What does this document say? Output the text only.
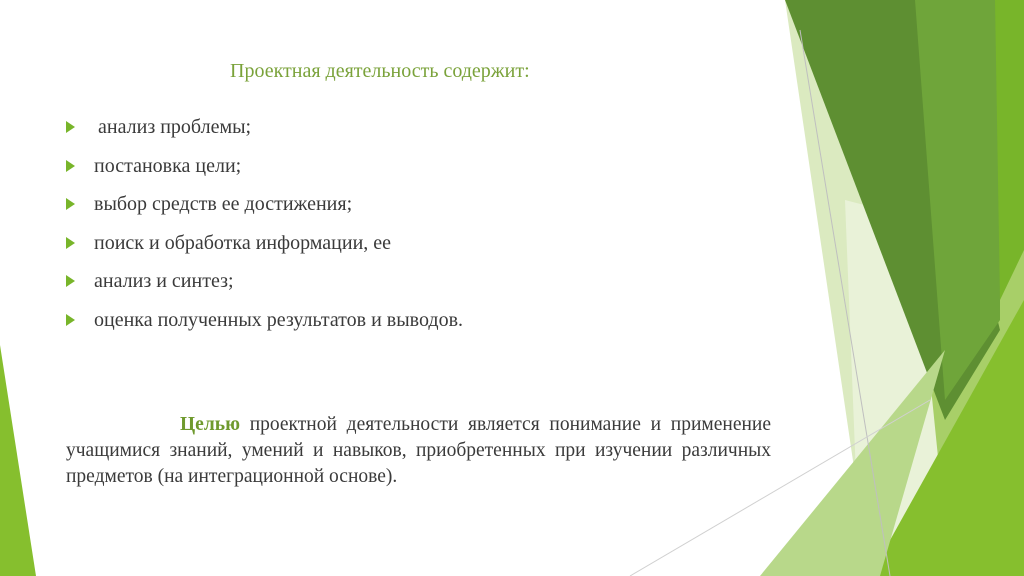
Проектная деятельность содержит:
анализ проблемы;
постановка цели;
выбор средств ее достижения;
поиск и обработка информации, ее
анализ и синтез;
оценка полученных результатов и выводов.

Целью проектной деятельности является понимание и применение учащимися знаний, умений и навыков, приобретенных при изучении различных предметов (на интеграционной основе).
